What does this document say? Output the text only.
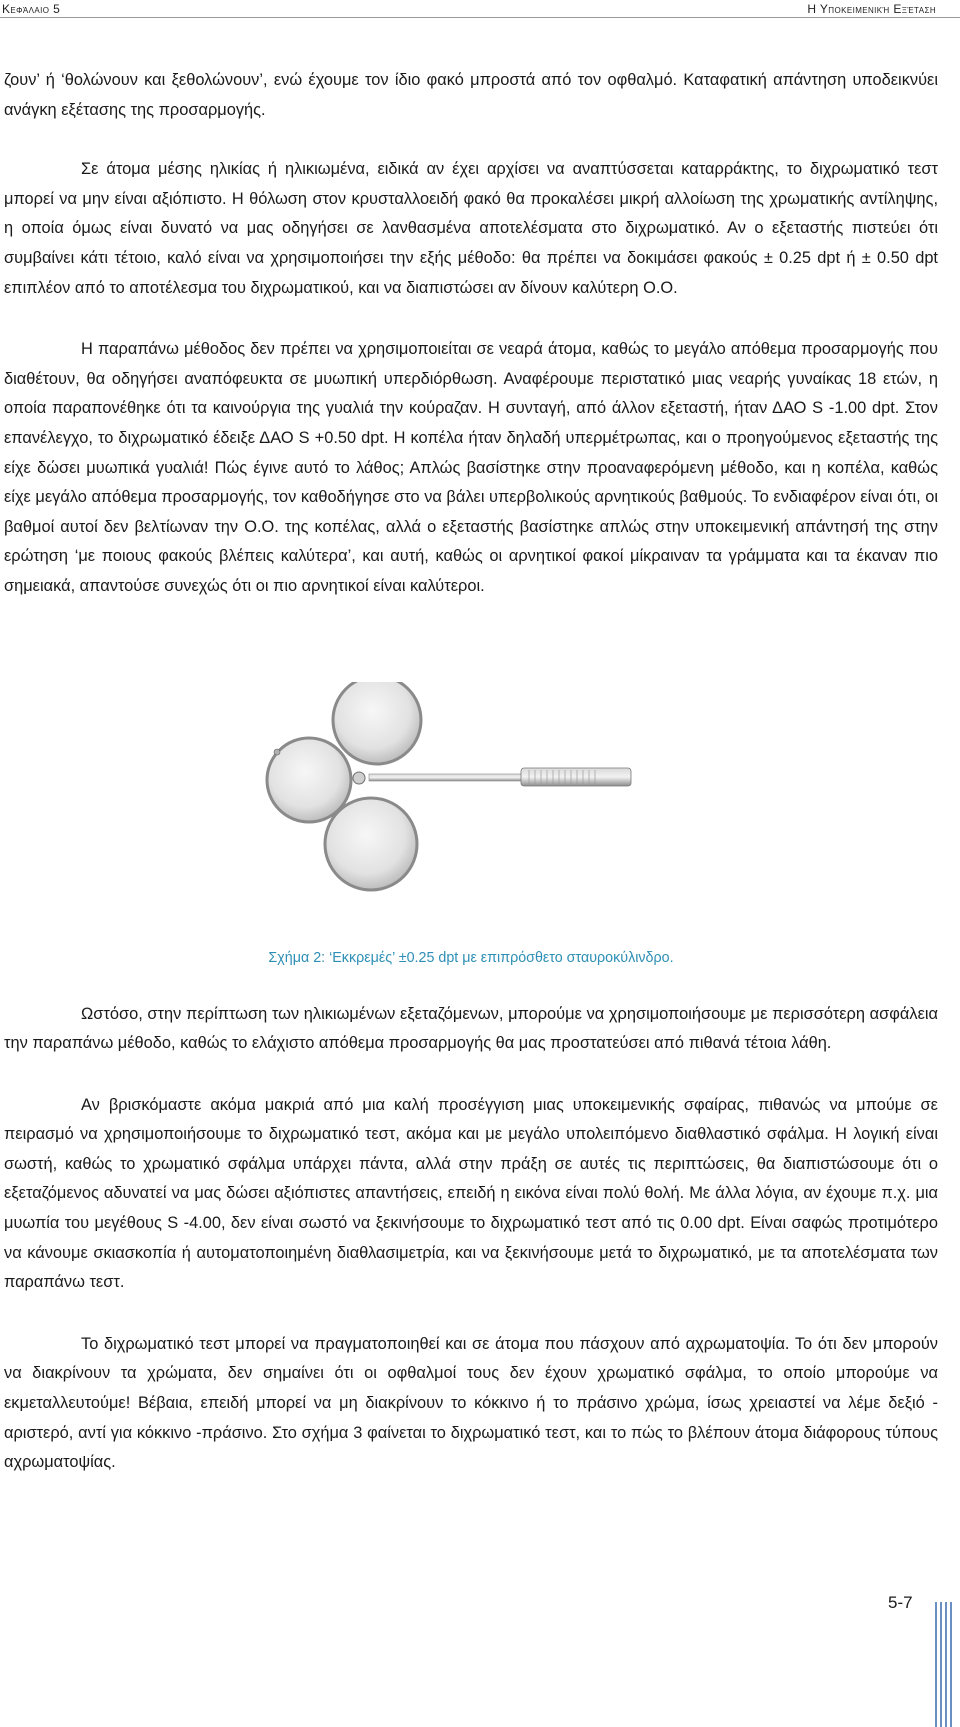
Κεφάλαιο 5	Η Υποκειμενική Εξέταση

ζουν’ ή ‘θολώνουν και ξεθολώνουν’, ενώ έχουμε τον ίδιο φακό μπροστά από τον οφθαλμό. Καταφατική απάντηση υποδεικνύει ανάγκη εξέτασης της προσαρμογής.

Σε άτομα μέσης ηλικίας ή ηλικιωμένα, ειδικά αν έχει αρχίσει να αναπτύσσεται καταρράκτης, το διχρωματικό τεστ μπορεί να μην είναι αξιόπιστο. Η θόλωση στον κρυσταλλοειδή φακό θα προκαλέσει μικρή αλλοίωση της χρωματικής αντίληψης, η οποία όμως είναι δυνατό να μας οδηγήσει σε λανθασμένα αποτελέσματα στο διχρωματικό. Αν ο εξεταστής πιστεύει ότι συμβαίνει κάτι τέτοιο, καλό είναι να χρησιμοποιήσει την εξής μέθοδο: θα πρέπει να δοκιμάσει φακούς ± 0.25 dpt ή ± 0.50 dpt επιπλέον από το αποτέλεσμα του διχρωματικού, και να διαπιστώσει αν δίνουν καλύτερη Ο.Ο.

Η παραπάνω μέθοδος δεν πρέπει να χρησιμοποιείται σε νεαρά άτομα, καθώς το μεγάλο απόθεμα προσαρμογής που διαθέτουν, θα οδηγήσει αναπόφευκτα σε μυωπική υπερδιόρθωση. Αναφέρουμε περιστατικό μιας νεαρής γυναίκας 18 ετών, η οποία παραπονέθηκε ότι τα καινούργια της γυαλιά την κούραζαν. Η συνταγή, από άλλον εξεταστή, ήταν ΔΑΟ S -1.00 dpt. Στον επανέλεγχο, το διχρωματικό έδειξε ΔΑΟ S +0.50 dpt. Η κοπέλα ήταν δηλαδή υπερμέτρωπας, και ο προηγούμενος εξεταστής της είχε δώσει μυωπικά γυαλιά! Πώς έγινε αυτό το λάθος; Απλώς βασίστηκε στην προαναφερόμενη μέθοδο, και η κοπέλα, καθώς είχε μεγάλο απόθεμα προσαρμογής, τον καθοδήγησε στο να βάλει υπερβολικούς αρνητικούς βαθμούς. Το ενδιαφέρον είναι ότι, οι βαθμοί αυτοί δεν βελτίωναν την Ο.Ο. της κοπέλας, αλλά ο εξεταστής βασίστηκε απλώς στην υποκειμενική απάντησή της στην ερώτηση ‘με ποιους φακούς βλέπεις καλύτερα’, και αυτή, καθώς οι αρνητικοί φακοί μίκραιναν τα γράμματα και τα έκαναν πιο σημειακά, απαντούσε συνεχώς ότι οι πιο αρνητικοί είναι καλύτεροι.

Σχήμα 2: ‘Εκκρεμές’ ±0.25 dpt με επιπρόσθετο σταυροκύλινδρο.

Ωστόσο, στην περίπτωση των ηλικιωμένων εξεταζόμενων, μπορούμε να χρησιμοποιήσουμε με περισσότερη ασφάλεια την παραπάνω μέθοδο, καθώς το ελάχιστο απόθεμα προσαρμογής θα μας προστατεύσει από πιθανά τέτοια λάθη.

Αν βρισκόμαστε ακόμα μακριά από μια καλή προσέγγιση μιας υποκειμενικής σφαίρας, πιθανώς να μπούμε σε πειρασμό να χρησιμοποιήσουμε το διχρωματικό τεστ, ακόμα και με μεγάλο υπολειπόμενο διαθλαστικό σφάλμα. Η λογική είναι σωστή, καθώς το χρωματικό σφάλμα υπάρχει πάντα, αλλά στην πράξη σε αυτές τις περιπτώσεις, θα διαπιστώσουμε ότι ο εξεταζόμενος αδυνατεί να μας δώσει αξιόπιστες απαντήσεις, επειδή η εικόνα είναι πολύ θολή. Με άλλα λόγια, αν έχουμε π.χ. μια μυωπία του μεγέθους S -4.00, δεν είναι σωστό να ξεκινήσουμε το διχρωματικό τεστ από τις 0.00 dpt. Είναι σαφώς προτιμότερο να κάνουμε σκιασκοπία ή αυτοματοποιημένη διαθλασιμετρία, και να ξεκινήσουμε μετά το διχρωματικό, με τα αποτελέσματα των παραπάνω τεστ.

Το διχρωματικό τεστ μπορεί να πραγματοποιηθεί και σε άτομα που πάσχουν από αχρωματοψία. Το ότι δεν μπορούν να διακρίνουν τα χρώματα, δεν σημαίνει ότι οι οφθαλμοί τους δεν έχουν χρωματικό σφάλμα, το οποίο μπορούμε να εκμεταλλευτούμε! Βέβαια, επειδή μπορεί να μη διακρίνουν το κόκκινο ή το πράσινο χρώμα, ίσως χρειαστεί να λέμε δεξιό - αριστερό, αντί για κόκκινο -πράσινο. Στο σχήμα 3 φαίνεται το διχρωματικό τεστ, και το πώς το βλέπουν άτομα διάφορους τύπους αχρωματοψίας.

5-7
